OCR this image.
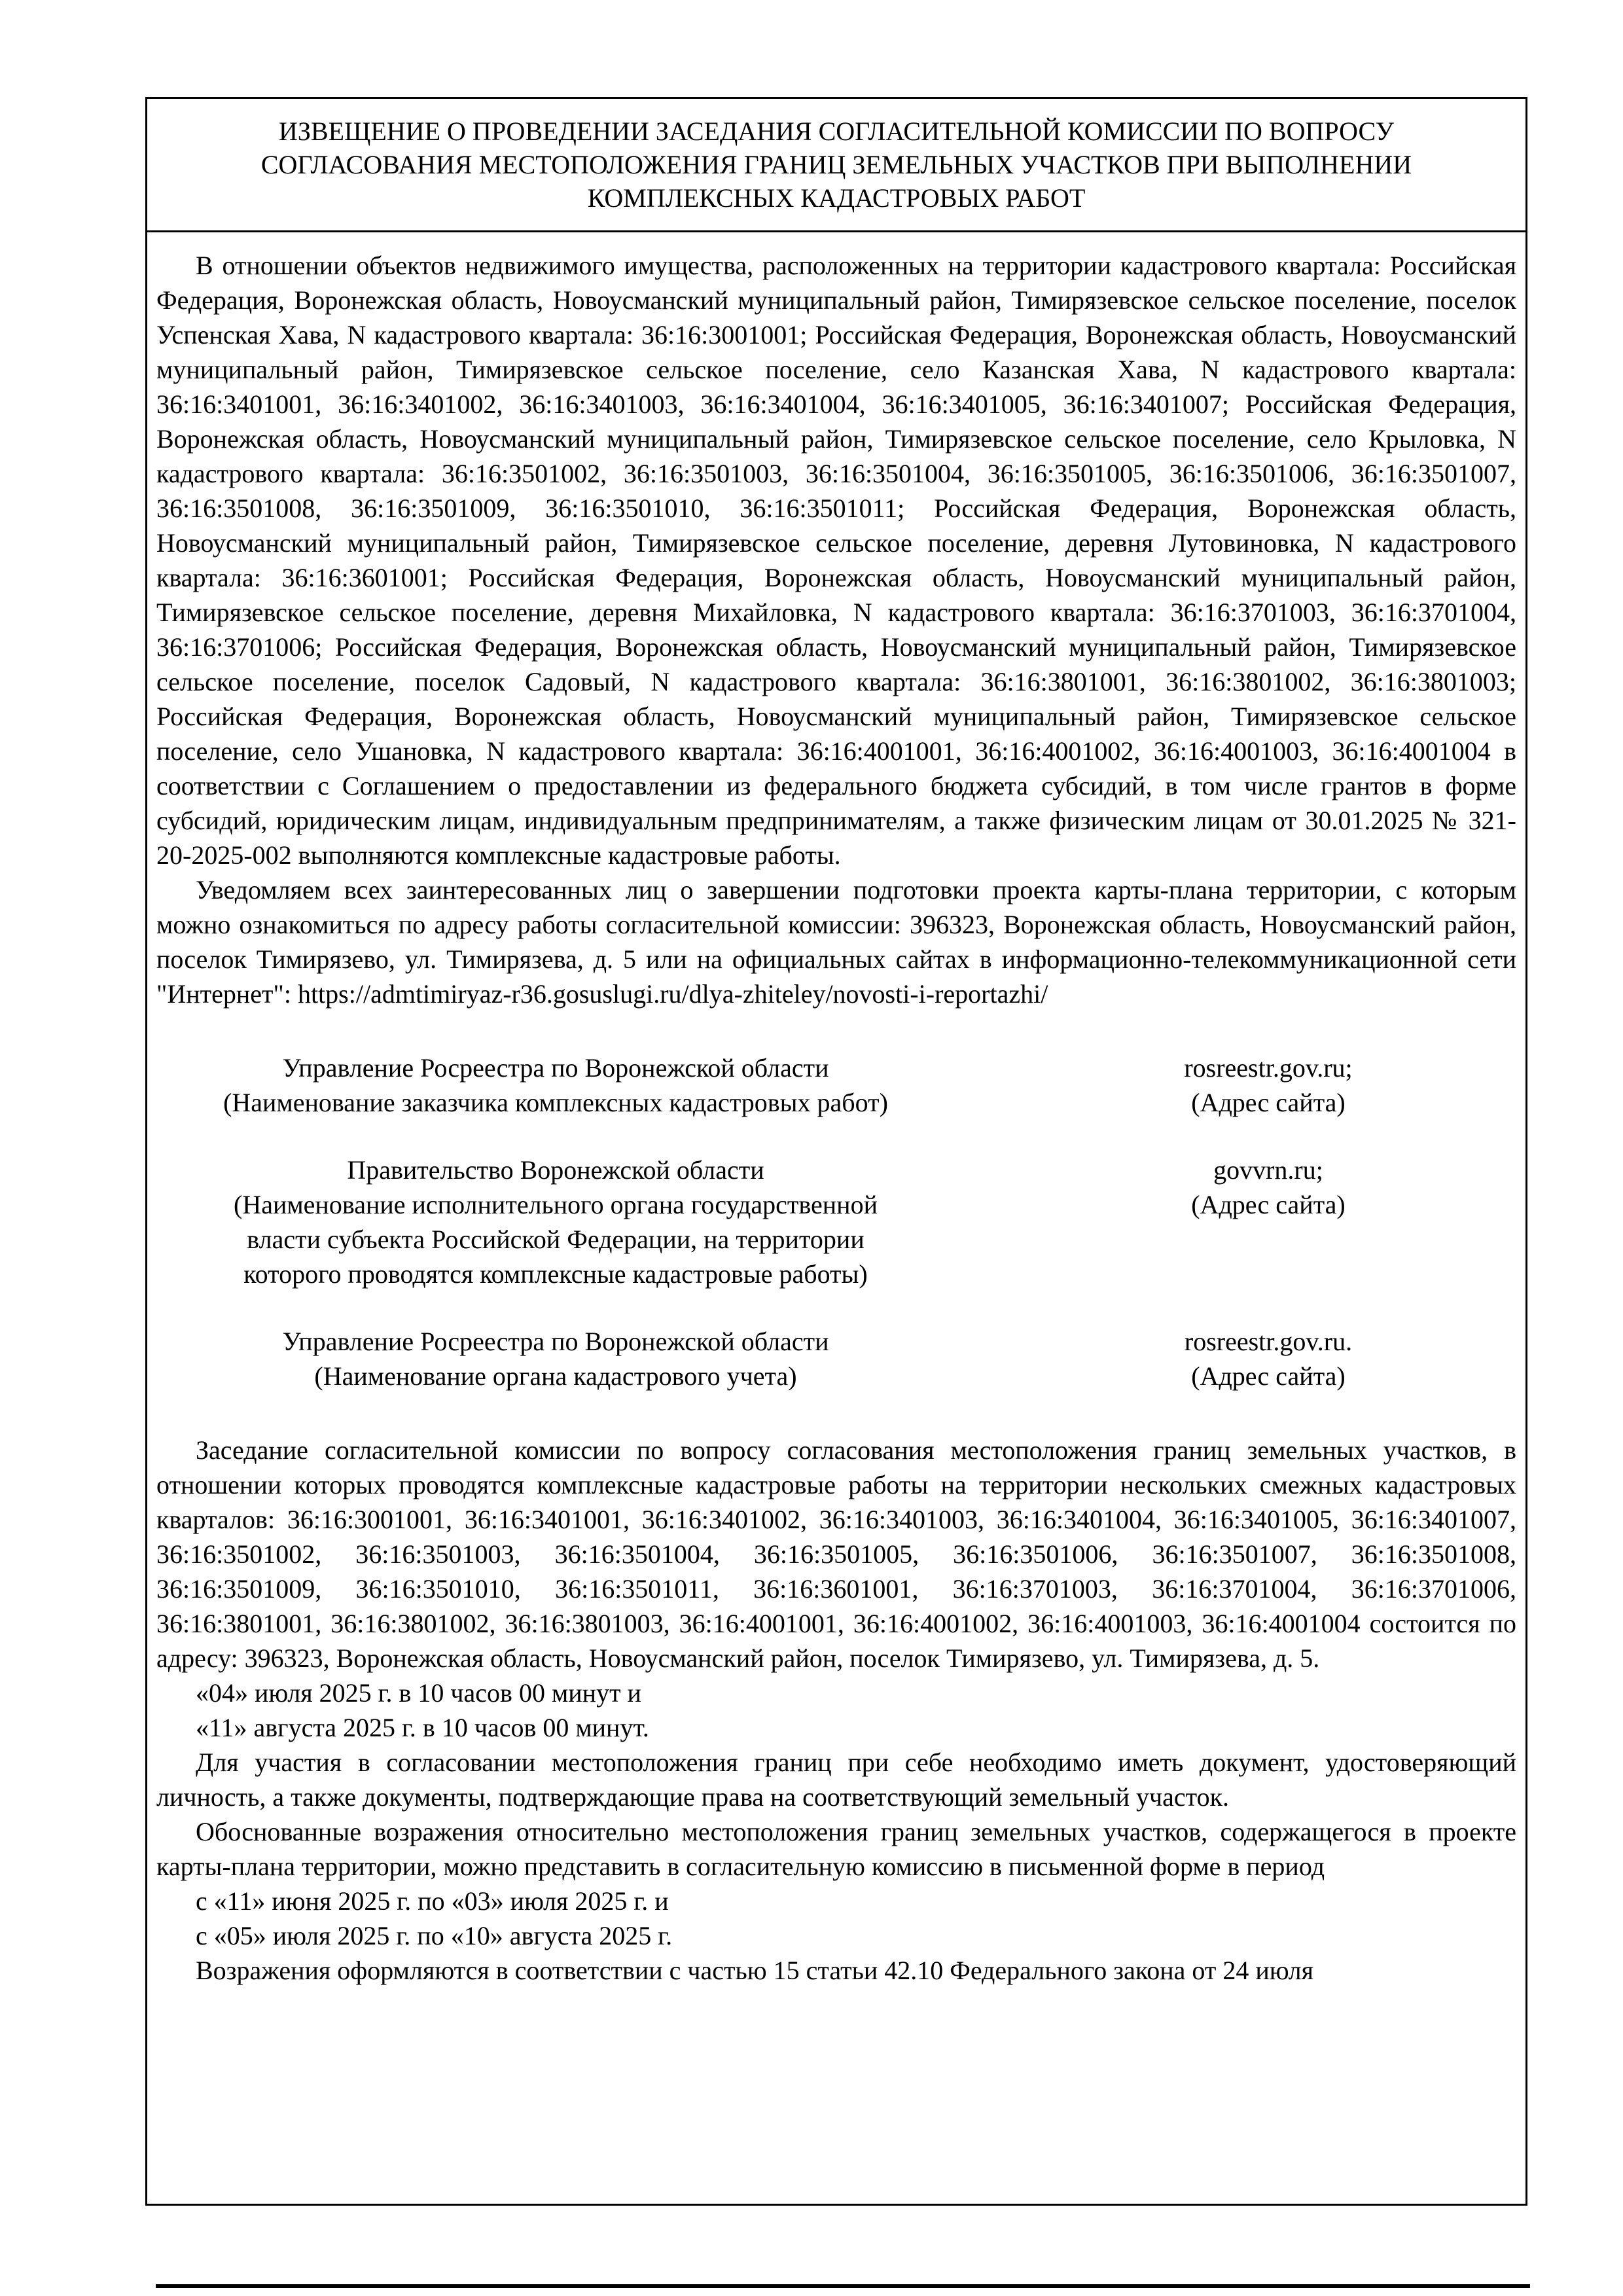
ИЗВЕЩЕНИЕ О ПРОВЕДЕНИИ ЗАСЕДАНИЯ СОГЛАСИТЕЛЬНОЙ КОМИССИИ ПО ВОПРОСУ
СОГЛАСОВАНИЯ МЕСТОПОЛОЖЕНИЯ ГРАНИЦ ЗЕМЕЛЬНЫХ УЧАСТКОВ ПРИ ВЫПОЛНЕНИИ
КОМПЛЕКСНЫХ КАДАСТРОВЫХ РАБОТ

В отношении объектов недвижимого имущества, расположенных на территории кадастрового квартала: Российская Федерация, Воронежская область, Новоусманский муниципальный район, Тимирязевское сельское поселение, поселок Успенская Хава, N кадастрового квартала: 36:16:3001001; Российская Федерация, Воронежская область, Новоусманский муниципальный район, Тимирязевское сельское поселение, село Казанская Хава, N кадастрового квартала: 36:16:3401001, 36:16:3401002, 36:16:3401003, 36:16:3401004, 36:16:3401005, 36:16:3401007; Российская Федерация, Воронежская область, Новоусманский муниципальный район, Тимирязевское сельское поселение, село Крыловка, N кадастрового квартала: 36:16:3501002, 36:16:3501003, 36:16:3501004, 36:16:3501005, 36:16:3501006, 36:16:3501007, 36:16:3501008, 36:16:3501009, 36:16:3501010, 36:16:3501011; Российская Федерация, Воронежская область, Новоусманский муниципальный район, Тимирязевское сельское поселение, деревня Лутовиновка, N кадастрового квартала: 36:16:3601001; Российская Федерация, Воронежская область, Новоусманский муниципальный район, Тимирязевское сельское поселение, деревня Михайловка, N кадастрового квартала: 36:16:3701003, 36:16:3701004, 36:16:3701006; Российская Федерация, Воронежская область, Новоусманский муниципальный район, Тимирязевское сельское поселение, поселок Садовый, N кадастрового квартала: 36:16:3801001, 36:16:3801002, 36:16:3801003; Российская Федерация, Воронежская область, Новоусманский муниципальный район, Тимирязевское сельское поселение, село Ушановка, N кадастрового квартала: 36:16:4001001, 36:16:4001002, 36:16:4001003, 36:16:4001004 в соответствии с Соглашением о предоставлении из федерального бюджета субсидий, в том числе грантов в форме субсидий, юридическим лицам, индивидуальным предпринимателям, а также физическим лицам от 30.01.2025 № 321-20-2025-002 выполняются комплексные кадастровые работы.

Уведомляем всех заинтересованных лиц о завершении подготовки проекта карты-плана территории, с которым можно ознакомиться по адресу работы согласительной комиссии: 396323, Воронежская область, Новоусманский район, поселок Тимирязево, ул. Тимирязева, д. 5 или на официальных сайтах в информационно-телекоммуникационной сети "Интернет": https://admtimiryaz-r36.gosuslugi.ru/dlya-zhiteley/novosti-i-reportazhi/

Управление Росреестра по Воронежской области
(Наименование заказчика комплексных кадастровых работ)
rosreestr.gov.ru;
(Адрес сайта)
Правительство Воронежской области
(Наименование исполнительного органа государственной
власти субъекта Российской Федерации, на территории
которого проводятся комплексные кадастровые работы)
govvrn.ru;
(Адрес сайта)
Управление Росреестра по Воронежской области
(Наименование органа кадастрового учета)
rosreestr.gov.ru.
(Адрес сайта)

Заседание согласительной комиссии по вопросу согласования местоположения границ земельных участков, в отношении которых проводятся комплексные кадастровые работы на территории нескольких смежных кадастровых кварталов: 36:16:3001001, 36:16:3401001, 36:16:3401002, 36:16:3401003, 36:16:3401004, 36:16:3401005, 36:16:3401007, 36:16:3501002, 36:16:3501003, 36:16:3501004, 36:16:3501005, 36:16:3501006, 36:16:3501007, 36:16:3501008, 36:16:3501009, 36:16:3501010, 36:16:3501011, 36:16:3601001, 36:16:3701003, 36:16:3701004, 36:16:3701006, 36:16:3801001, 36:16:3801002, 36:16:3801003, 36:16:4001001, 36:16:4001002, 36:16:4001003, 36:16:4001004 состоится по адресу: 396323, Воронежская область, Новоусманский район, поселок Тимирязево, ул. Тимирязева, д. 5.

«04» июля 2025 г. в 10 часов 00 минут и

«11» августа 2025 г. в 10 часов 00 минут.

Для участия в согласовании местоположения границ при себе необходимо иметь документ, удостоверяющий личность, а также документы, подтверждающие права на соответствующий земельный участок.

Обоснованные возражения относительно местоположения границ земельных участков, содержащегося в проекте карты-плана территории, можно представить в согласительную комиссию в письменной форме в период

с «11» июня 2025 г. по «03» июля 2025 г. и

с «05» июля 2025 г. по «10» августа 2025 г.

Возражения оформляются в соответствии с частью 15 статьи 42.10 Федерального закона от 24 июля
